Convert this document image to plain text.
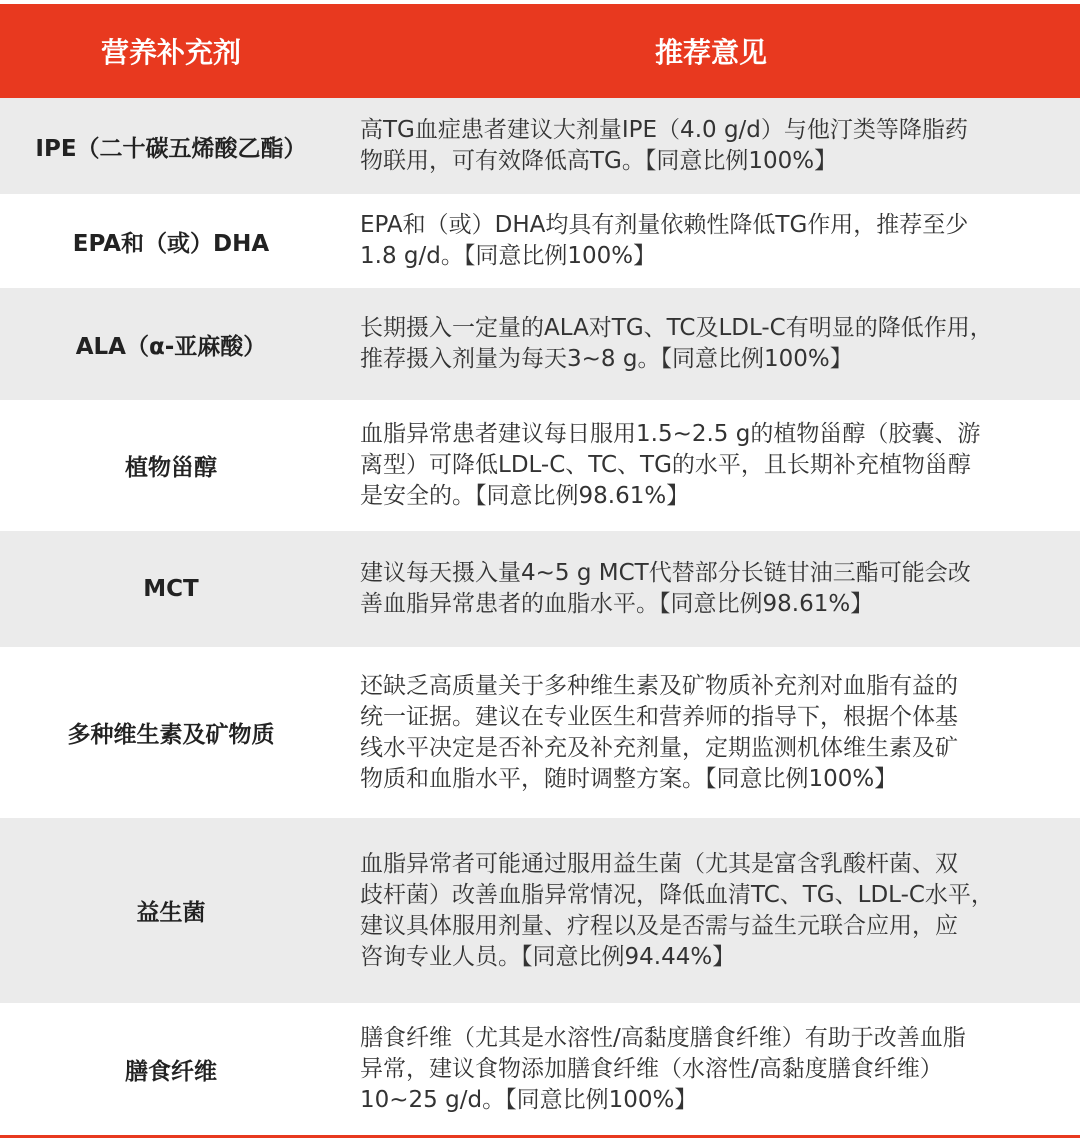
营养补充剂	推荐意见
IPE（二十碳五烯酸乙酯）
高TG血症患者建议大剂量IPE（4.0 g/d）与他汀类等降脂药
物联用，可有效降低高TG。【同意比例100%】
EPA和（或）DHA
EPA和（或）DHA均具有剂量依赖性降低TG作用，推荐至少
1.8 g/d。【同意比例100%】
ALA（α-亚麻酸）
长期摄入一定量的ALA对TG、TC及LDL-C有明显的降低作用，
推荐摄入剂量为每天3~8 g。【同意比例100%】
植物甾醇
血脂异常患者建议每日服用1.5~2.5 g的植物甾醇（胶囊、游
离型）可降低LDL-C、TC、TG的水平，且长期补充植物甾醇
是安全的。【同意比例98.61%】
MCT
建议每天摄入量4~5 g MCT代替部分长链甘油三酯可能会改
善血脂异常患者的血脂水平。【同意比例98.61%】
多种维生素及矿物质
还缺乏高质量关于多种维生素及矿物质补充剂对血脂有益的
统一证据。建议在专业医生和营养师的指导下，根据个体基
线水平决定是否补充及补充剂量，定期监测机体维生素及矿
物质和血脂水平，随时调整方案。【同意比例100%】
益生菌
血脂异常者可能通过服用益生菌（尤其是富含乳酸杆菌、双
歧杆菌）改善血脂异常情况，降低血清TC、TG、LDL-C水平，
建议具体服用剂量、疗程以及是否需与益生元联合应用，应
咨询专业人员。【同意比例94.44%】
膳食纤维
膳食纤维（尤其是水溶性/高黏度膳食纤维）有助于改善血脂
异常，建议食物添加膳食纤维（水溶性/高黏度膳食纤维）
10~25 g/d。【同意比例100%】
